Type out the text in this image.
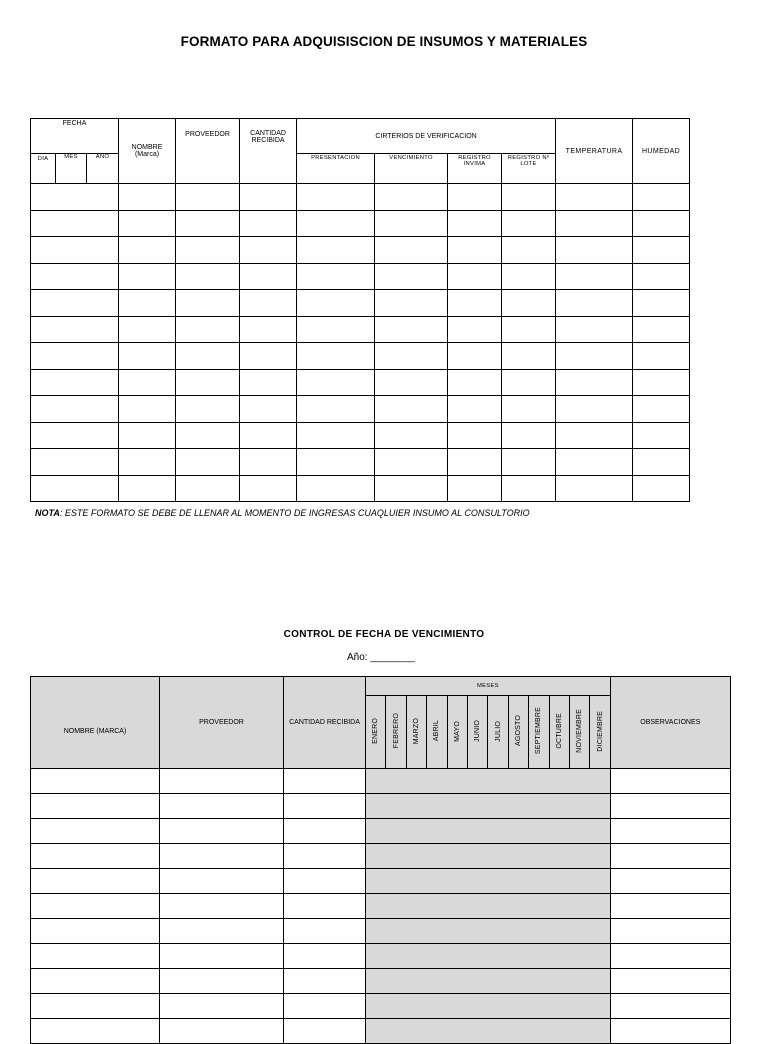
FORMATO PARA ADQUISISCION DE INSUMOS Y MATERIALES
FECHA			NOMBRE (Marca)	PROVEEDOR	CANTIDAD RECIBIDA	CIRTERIOS DE VERIFICACION				TEMPERATURA	HUMEDAD
DIA	MES	AÑO				PRESENTACION	VENCIMIENTO	REGISTRO INVIMA	REGISTRO Nº LOTE		

NOTA: ESTE FORMATO SE DEBE DE LLENAR AL MOMENTO DE INGRESAS CUAQLUIER INSUMO AL CONSULTORIO
CONTROL DE FECHA DE VENCIMIENTO
Año: ________
NOMBRE (MARCA)	PROVEEDOR	CANTIDAD RECIBIDA	MESES												OBSERVACIONES
			ENERO	FEBRERO	MARZO	ABRIL	MAYO	JUNIO	JULIO	AGOSTO	SEPTIEMBRE	OCTUBRE	NOVIEMBRE	DICIEMBRE	
